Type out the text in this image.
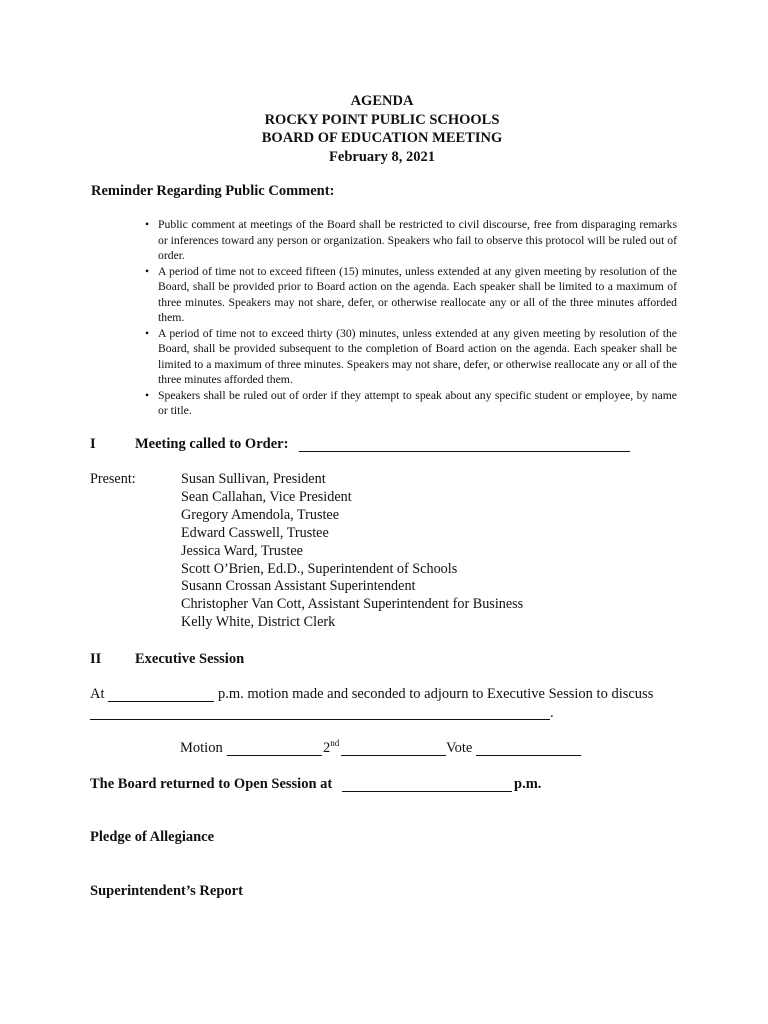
AGENDA
ROCKY POINT PUBLIC SCHOOLS
BOARD OF EDUCATION MEETING
February 8, 2021
Reminder Regarding Public Comment:
• Public comment at meetings of the Board shall be restricted to civil discourse, free from disparaging remarks or inferences toward any person or organization. Speakers who fail to observe this protocol will be ruled out of order.
• A period of time not to exceed fifteen (15) minutes, unless extended at any given meeting by resolution of the Board, shall be provided prior to Board action on the agenda. Each speaker shall be limited to a maximum of three minutes. Speakers may not share, defer, or otherwise reallocate any or all of the three minutes afforded them.
• A period of time not to exceed thirty (30) minutes, unless extended at any given meeting by resolution of the Board, shall be provided subsequent to the completion of Board action on the agenda. Each speaker shall be limited to a maximum of three minutes. Speakers may not share, defer, or otherwise reallocate any or all of the three minutes afforded them.
• Speakers shall be ruled out of order if they attempt to speak about any specific student or employee, by name or title.
I	Meeting called to Order:
Present:	Susan Sullivan, President
Sean Callahan, Vice President
Gregory Amendola, Trustee
Edward Casswell, Trustee
Jessica Ward, Trustee
Scott O’Brien, Ed.D., Superintendent of Schools
Susann Crossan Assistant Superintendent
Christopher Van Cott, Assistant Superintendent for Business
Kelly White, District Clerk
II Executive Session
At	p.m. motion made and seconded to adjourn to Executive Session to discuss
.
Motion	2nd	Vote
The Board returned to Open Session at	p.m.
Pledge of Allegiance
Superintendent’s Report
